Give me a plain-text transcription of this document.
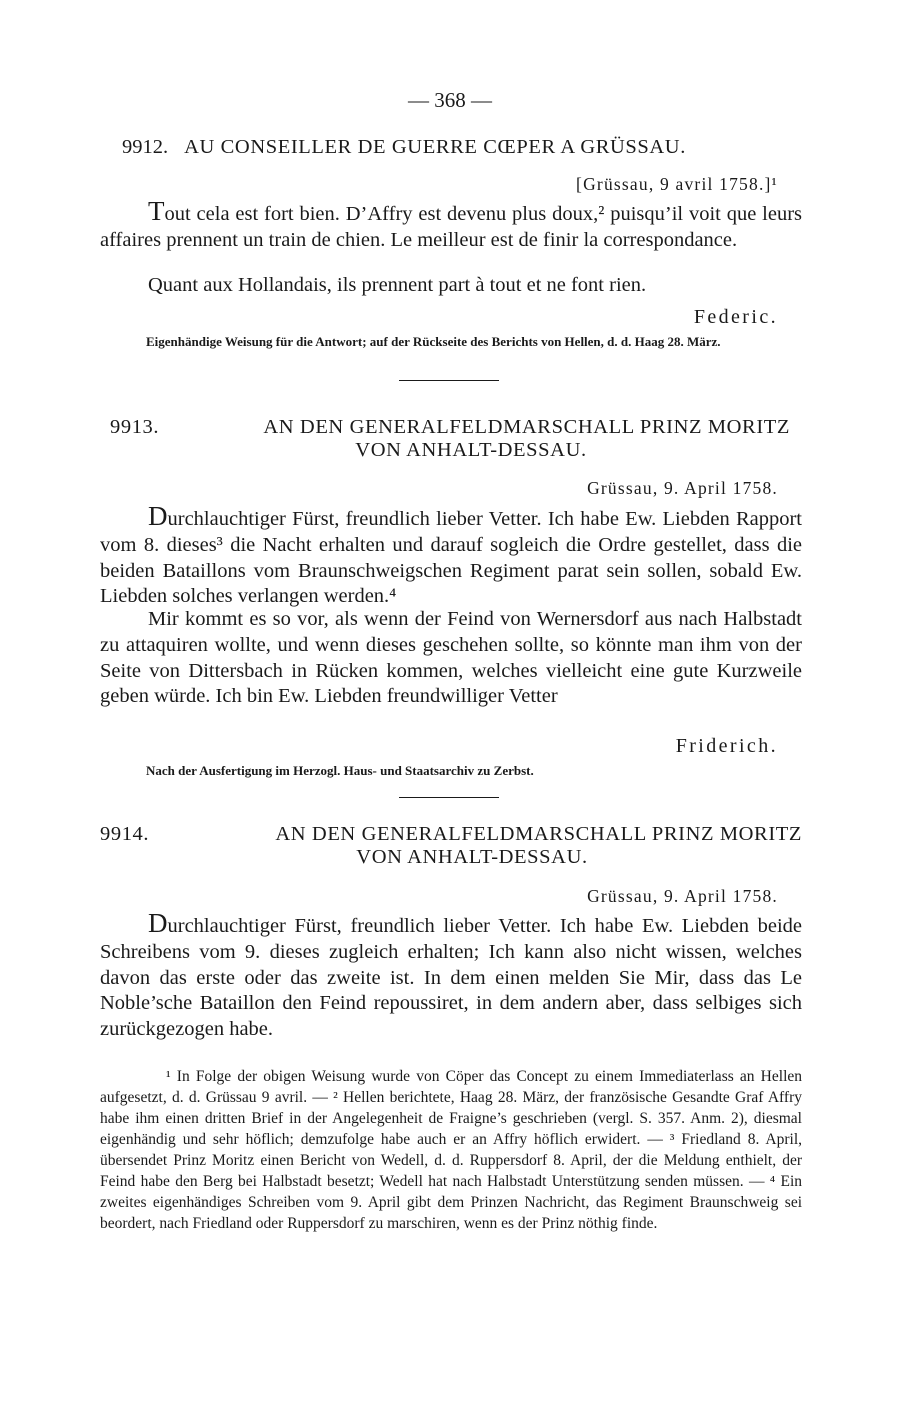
— 368 —
9912. AU CONSEILLER DE GUERRE CŒPER A GRÜSSAU.
[Grüssau, 9 avril 1758.]¹

Tout cela est fort bien. D’Affry est devenu plus doux,² puisqu’il voit que leurs affaires prennent un train de chien. Le meilleur est de finir la correspondance.

Quant aux Hollandais, ils prennent part à tout et ne font rien.

Federic.

Eigenhändige Weisung für die Antwort; auf der Rückseite des Berichts von Hellen, d. d. Haag 28. März.

9913.	AN DEN GENERALFELDMARSCHALL PRINZ MORITZ
VON ANHALT-DESSAU.
Grüssau, 9. April 1758.

Durchlauchtiger Fürst, freundlich lieber Vetter. Ich habe Ew. Liebden Rapport vom 8. dieses³ die Nacht erhalten und darauf sogleich die Ordre gestellet, dass die beiden Bataillons vom Braunschweigschen Regiment parat sein sollen, sobald Ew. Liebden solches verlangen werden.⁴

Mir kommt es so vor, als wenn der Feind von Wernersdorf aus nach Halbstadt zu attaquiren wollte, und wenn dieses geschehen sollte, so könnte man ihm von der Seite von Dittersbach in Rücken kommen, welches vielleicht eine gute Kurzweile geben würde. Ich bin Ew. Liebden freundwilliger Vetter

Friderich.

Nach der Ausfertigung im Herzogl. Haus- und Staatsarchiv zu Zerbst.

9914.	AN DEN GENERALFELDMARSCHALL PRINZ MORITZ
VON ANHALT-DESSAU.
Grüssau, 9. April 1758.

Durchlauchtiger Fürst, freundlich lieber Vetter. Ich habe Ew. Liebden beide Schreibens vom 9. dieses zugleich erhalten; Ich kann also nicht wissen, welches davon das erste oder das zweite ist. In dem einen melden Sie Mir, dass das Le Noble’sche Bataillon den Feind repoussiret, in dem andern aber, dass selbiges sich zurückgezogen habe.

¹ In Folge der obigen Weisung wurde von Cöper das Concept zu einem Immediaterlass an Hellen aufgesetzt, d. d. Grüssau 9 avril. — ² Hellen berichtete, Haag 28. März, der französische Gesandte Graf Affry habe ihm einen dritten Brief in der Angelegenheit de Fraigne’s geschrieben (vergl. S. 357. Anm. 2), diesmal eigenhändig und sehr höflich; demzufolge habe auch er an Affry höflich erwidert. — ³ Friedland 8. April, übersendet Prinz Moritz einen Bericht von Wedell, d. d. Ruppersdorf 8. April, der die Meldung enthielt, der Feind habe den Berg bei Halbstadt besetzt; Wedell hat nach Halbstadt Unterstützung senden müssen. — ⁴ Ein zweites eigenhändiges Schreiben vom 9. April gibt dem Prinzen Nachricht, das Regiment Braunschweig sei beordert, nach Friedland oder Ruppersdorf zu marschiren, wenn es der Prinz nöthig finde.
